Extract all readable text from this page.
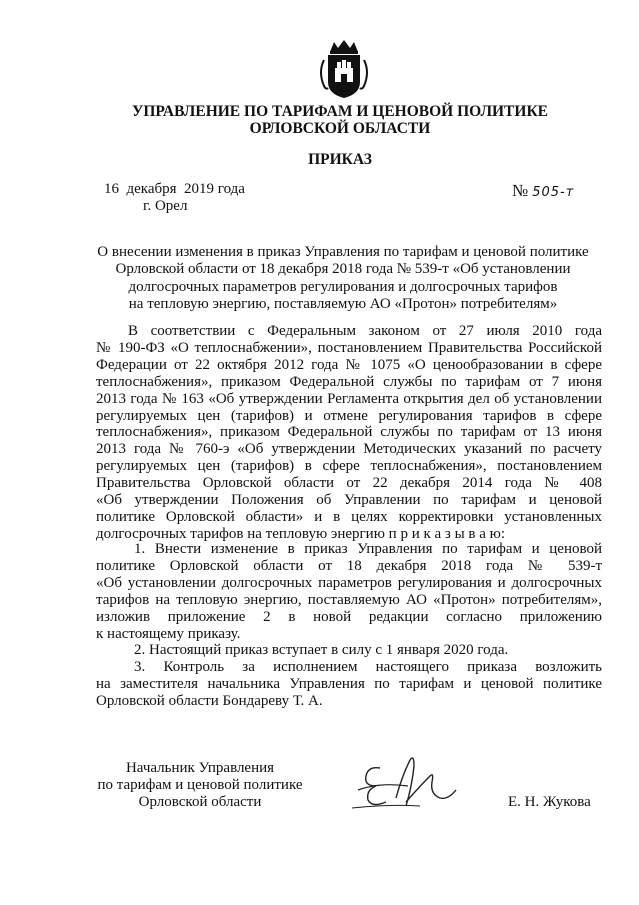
УПРАВЛЕНИЕ ПО ТАРИФАМ И ЦЕНОВОЙ ПОЛИТИКЕ
ОРЛОВСКОЙ ОБЛАСТИ
ПРИКАЗ
16  декабря  2019 года
г. Орел
№ 505-т
О внесении изменения в приказ Управления по тарифам и ценовой политике
Орловской области от 18 декабря 2018 года № 539-т «Об установлении
долгосрочных параметров регулирования и долгосрочных тарифов
на тепловую энергию, поставляемую АО «Протон» потребителям»
В соответствии с Федеральным законом от 27 июля 2010 года
№ 190-ФЗ «О теплоснабжении», постановлением Правительства Российской
Федерации от 22 октября 2012 года № 1075 «О ценообразовании в сфере
теплоснабжения», приказом Федеральной службы по тарифам от 7 июня
2013 года № 163 «Об утверждении Регламента открытия дел об установлении
регулируемых цен (тарифов) и отмене регулирования тарифов в сфере
теплоснабжения», приказом Федеральной службы по тарифам от 13 июня
2013 года № 760-э «Об утверждении Методических указаний по расчету
регулируемых цен (тарифов) в сфере теплоснабжения», постановлением
Правительства Орловской области от 22 декабря 2014 года № 408
«Об утверждении Положения об Управлении по тарифам и ценовой
политике Орловской области» и в целях корректировки установленных
долгосрочных тарифов на тепловую энергию п р и к а з ы в а ю:
1. Внести изменение в приказ Управления по тарифам и ценовой
политике Орловской области от 18 декабря 2018 года № 539-т
«Об установлении долгосрочных параметров регулирования и долгосрочных
тарифов на тепловую энергию, поставляемую АО «Протон» потребителям»,
изложив приложение 2 в новой редакции согласно приложению
к настоящему приказу.
2. Настоящий приказ вступает в силу с 1 января 2020 года.
3. Контроль за исполнением настоящего приказа возложить
на заместителя начальника Управления по тарифам и ценовой политике
Орловской области Бондареву Т. А.
Начальник Управления
по тарифам и ценовой политике
Орловской области	Е. Н. Жукова
